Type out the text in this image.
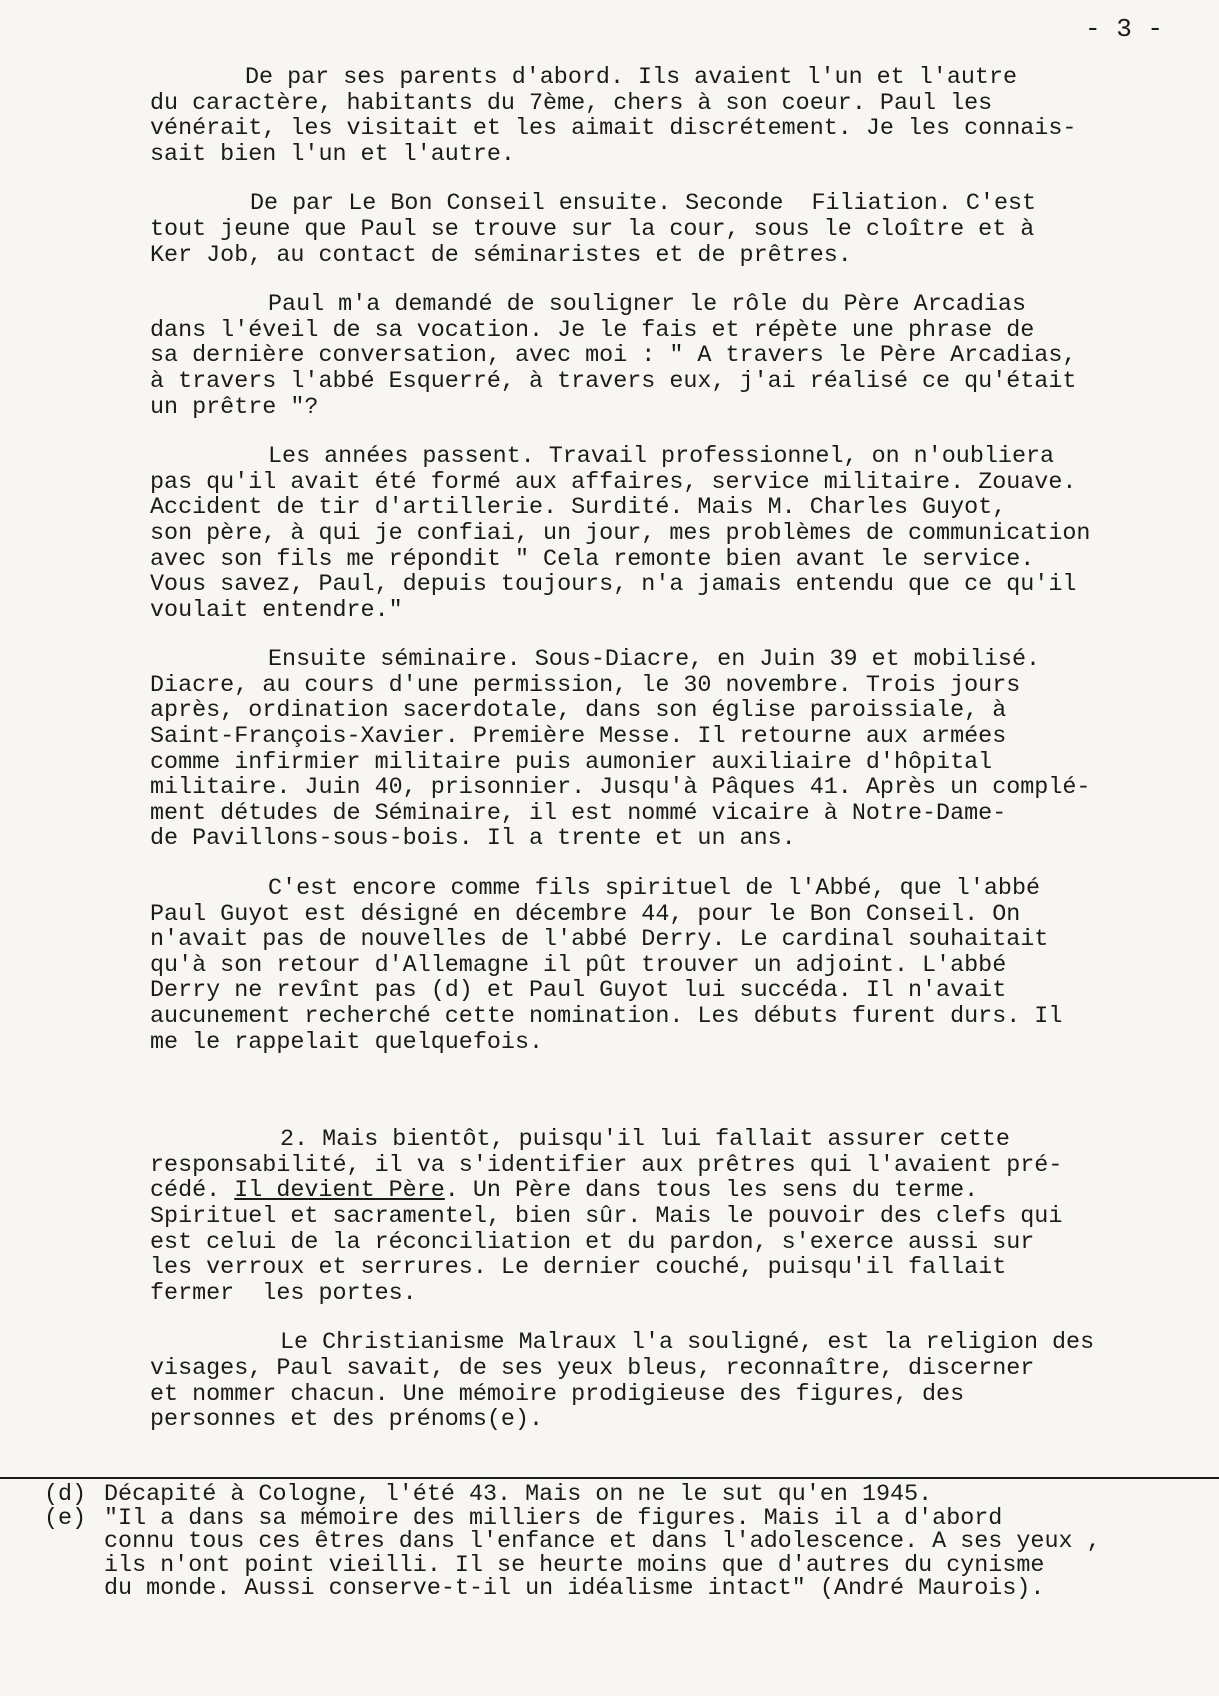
- 3 -

De par ses parents d'abord. Ils avaient l'un et l'autre
du caractère, habitants du 7ème, chers à son coeur. Paul les
vénérait, les visitait et les aimait discrétement. Je les connais-
sait bien l'un et l'autre.

De par Le Bon Conseil ensuite. Seconde  Filiation. C'est
tout jeune que Paul se trouve sur la cour, sous le cloître et à
Ker Job, au contact de séminaristes et de prêtres.

Paul m'a demandé de souligner le rôle du Père Arcadias
dans l'éveil de sa vocation. Je le fais et répète une phrase de
sa dernière conversation, avec moi : " A travers le Père Arcadias,
à travers l'abbé Esquerré, à travers eux, j'ai réalisé ce qu'était
un prêtre "?

Les années passent. Travail professionnel, on n'oubliera
pas qu'il avait été formé aux affaires, service militaire. Zouave.
Accident de tir d'artillerie. Surdité. Mais M. Charles Guyot,
son père, à qui je confiai, un jour, mes problèmes de communication
avec son fils me répondit " Cela remonte bien avant le service.
Vous savez, Paul, depuis toujours, n'a jamais entendu que ce qu'il
voulait entendre."

Ensuite séminaire. Sous-Diacre, en Juin 39 et mobilisé.
Diacre, au cours d'une permission, le 30 novembre. Trois jours
après, ordination sacerdotale, dans son église paroissiale, à
Saint-François-Xavier. Première Messe. Il retourne aux armées
comme infirmier militaire puis aumonier auxiliaire d'hôpital
militaire. Juin 40, prisonnier. Jusqu'à Pâques 41. Après un complé-
ment détudes de Séminaire, il est nommé vicaire à Notre-Dame-
de Pavillons-sous-bois. Il a trente et un ans.

C'est encore comme fils spirituel de l'Abbé, que l'abbé
Paul Guyot est désigné en décembre 44, pour le Bon Conseil. On
n'avait pas de nouvelles de l'abbé Derry. Le cardinal souhaitait
qu'à son retour d'Allemagne il pût trouver un adjoint. L'abbé
Derry ne revînt pas (d) et Paul Guyot lui succéda. Il n'avait
aucunement recherché cette nomination. Les débuts furent durs. Il
me le rappelait quelquefois.

2. Mais bientôt, puisqu'il lui fallait assurer cette
responsabilité, il va s'identifier aux prêtres qui l'avaient pré-
cédé. Il devient Père. Un Père dans tous les sens du terme.
Spirituel et sacramentel, bien sûr. Mais le pouvoir des clefs qui
est celui de la réconciliation et du pardon, s'exerce aussi sur
les verroux et serrures. Le dernier couché, puisqu'il fallait
fermer  les portes.

Le Christianisme Malraux l'a souligné, est la religion des
visages, Paul savait, de ses yeux bleus, reconnaître, discerner
et nommer chacun. Une mémoire prodigieuse des figures, des
personnes et des prénoms(e).

(d) Décapité à Cologne, l'été 43. Mais on ne le sut qu'en 1945.
(e) "Il a dans sa mémoire des milliers de figures. Mais il a d'abord
connu tous ces êtres dans l'enfance et dans l'adolescence. A ses yeux ,
ils n'ont point vieilli. Il se heurte moins que d'autres du cynisme
du monde. Aussi conserve-t-il un idéalisme intact" (André Maurois).
